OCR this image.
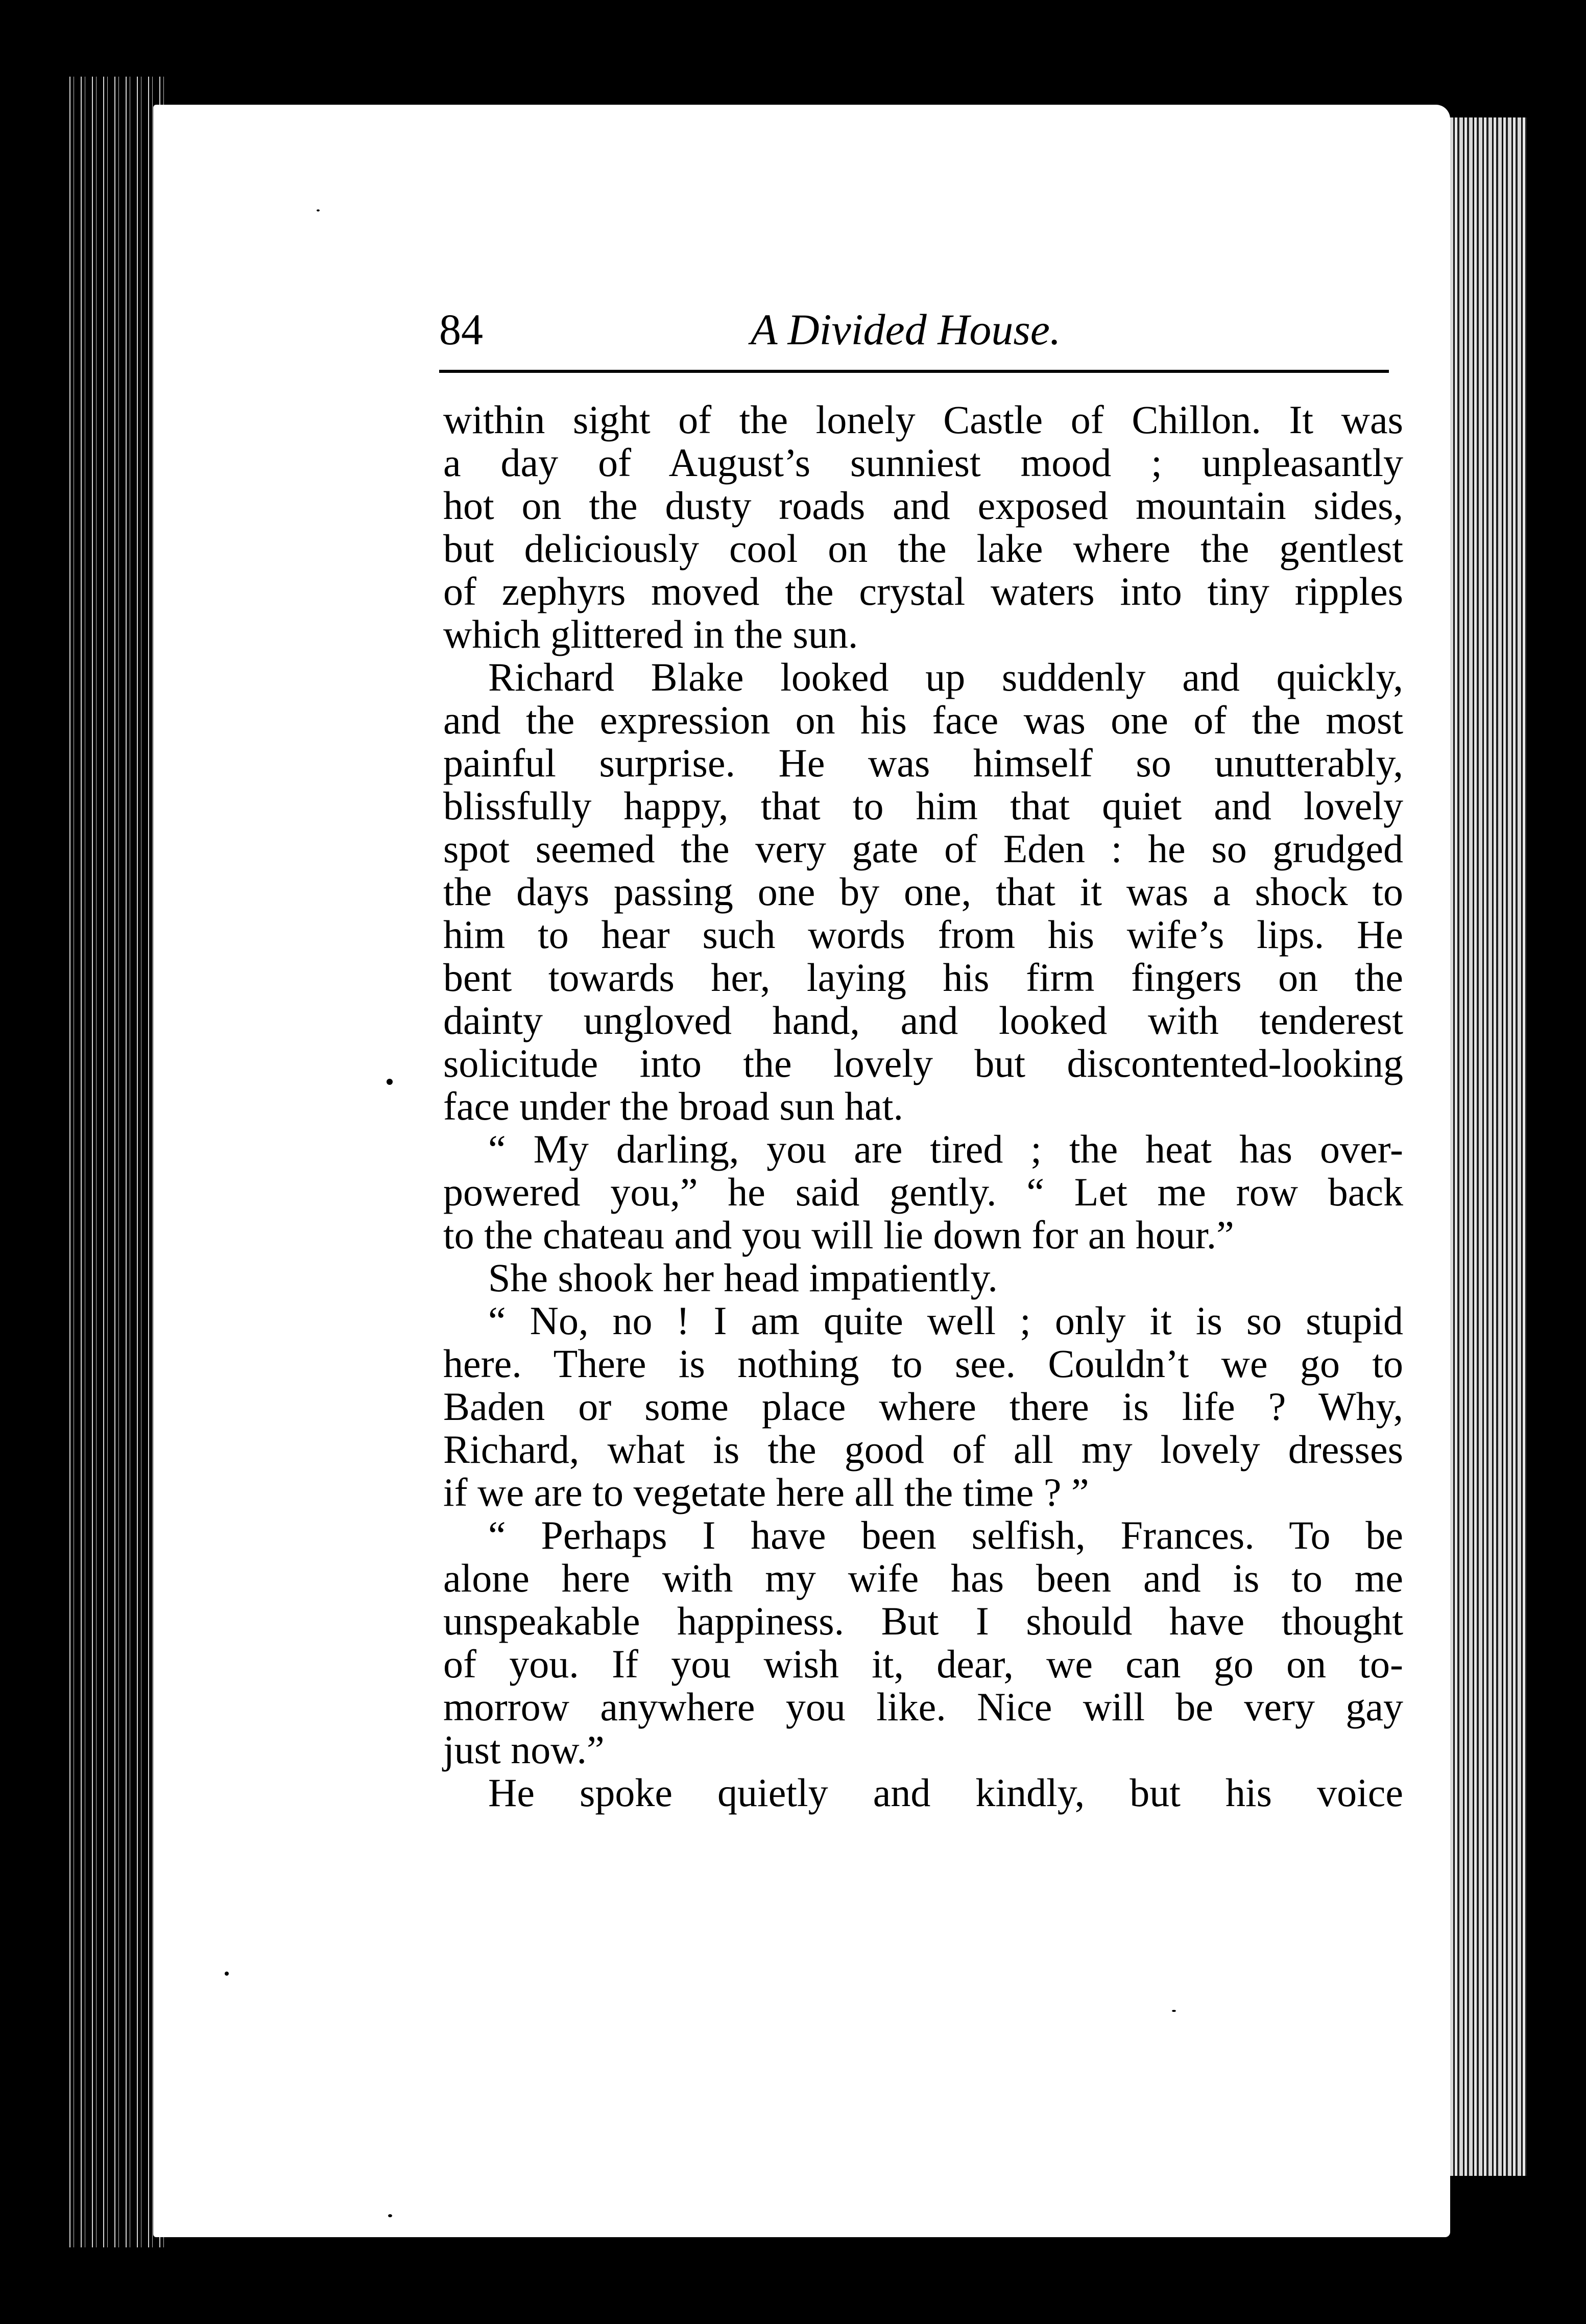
84	A Divided House.
within sight of the lonely Castle of Chillon. It was
a day of August’s sunniest mood ; unpleasantly
hot on the dusty roads and exposed mountain sides,
but deliciously cool on the lake where the gentlest
of zephyrs moved the crystal waters into tiny ripples
which glittered in the sun.
Richard Blake looked up suddenly and quickly,
and the expression on his face was one of the most
painful surprise. He was himself so unutterably,
blissfully happy, that to him that quiet and lovely
spot seemed the very gate of Eden : he so grudged
the days passing one by one, that it was a shock to
him to hear such words from his wife’s lips. He
bent towards her, laying his firm fingers on the
dainty ungloved hand, and looked with tenderest
solicitude into the lovely but discontented-looking
face under the broad sun hat.
“ My darling, you are tired ; the heat has over-
powered you,” he said gently. “ Let me row back
to the chateau and you will lie down for an hour.”
She shook her head impatiently.
“ No, no ! I am quite well ; only it is so stupid
here. There is nothing to see. Couldn’t we go to
Baden or some place where there is life ? Why,
Richard, what is the good of all my lovely dresses
if we are to vegetate here all the time ? ”
“ Perhaps I have been selfish, Frances. To be
alone here with my wife has been and is to me
unspeakable happiness. But I should have thought
of you. If you wish it, dear, we can go on to-
morrow anywhere you like. Nice will be very gay
just now.”
He spoke quietly and kindly, but his voice
